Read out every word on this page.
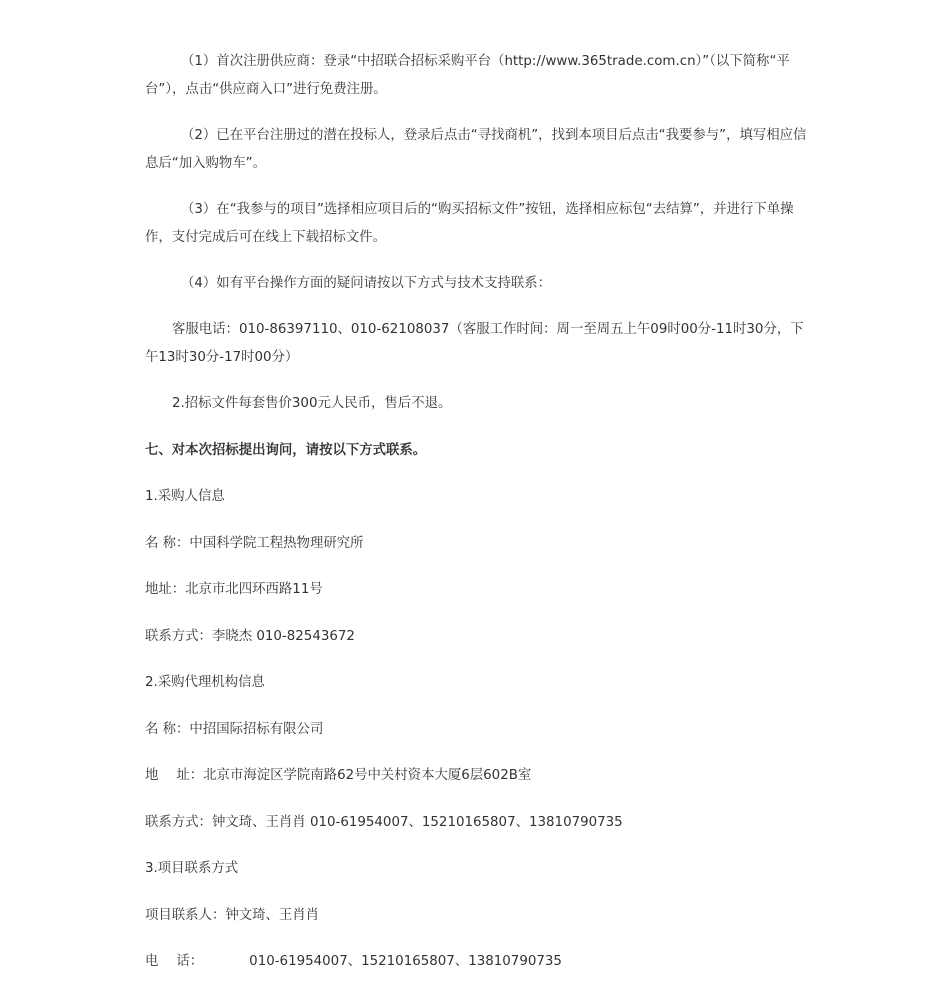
（1）首次注册供应商：登录“中招联合招标采购平台（http://www.365trade.com.cn）”（以下简称“平台”），点击“供应商入口”进行免费注册。

（2）已在平台注册过的潜在投标人，登录后点击“寻找商机”，找到本项目后点击“我要参与”，填写相应信息后“加入购物车”。

（3）在“我参与的项目”选择相应项目后的“购买招标文件”按钮，选择相应标包“去结算”，并进行下单操作，支付完成后可在线上下载招标文件。

（4）如有平台操作方面的疑问请按以下方式与技术支持联系：

客服电话：010-86397110、010-62108037（客服工作时间：周一至周五上午09时00分-11时30分，下午13时30分-17时00分）

2.招标文件每套售价300元人民币，售后不退。

七、对本次招标提出询问，请按以下方式联系。

1.采购人信息

名 称：中国科学院工程热物理研究所

地址：北京市北四环西路11号

联系方式：李晓杰 010-82543672

2.采购代理机构信息

名 称：中招国际招标有限公司

地 址：北京市海淀区学院南路62号中关村资本大厦6层602B室

联系方式：钟文琦、王肖肖 010-61954007、15210165807、13810790735

3.项目联系方式

项目联系人：钟文琦、王肖肖

电 话：	010-61954007、15210165807、13810790735
